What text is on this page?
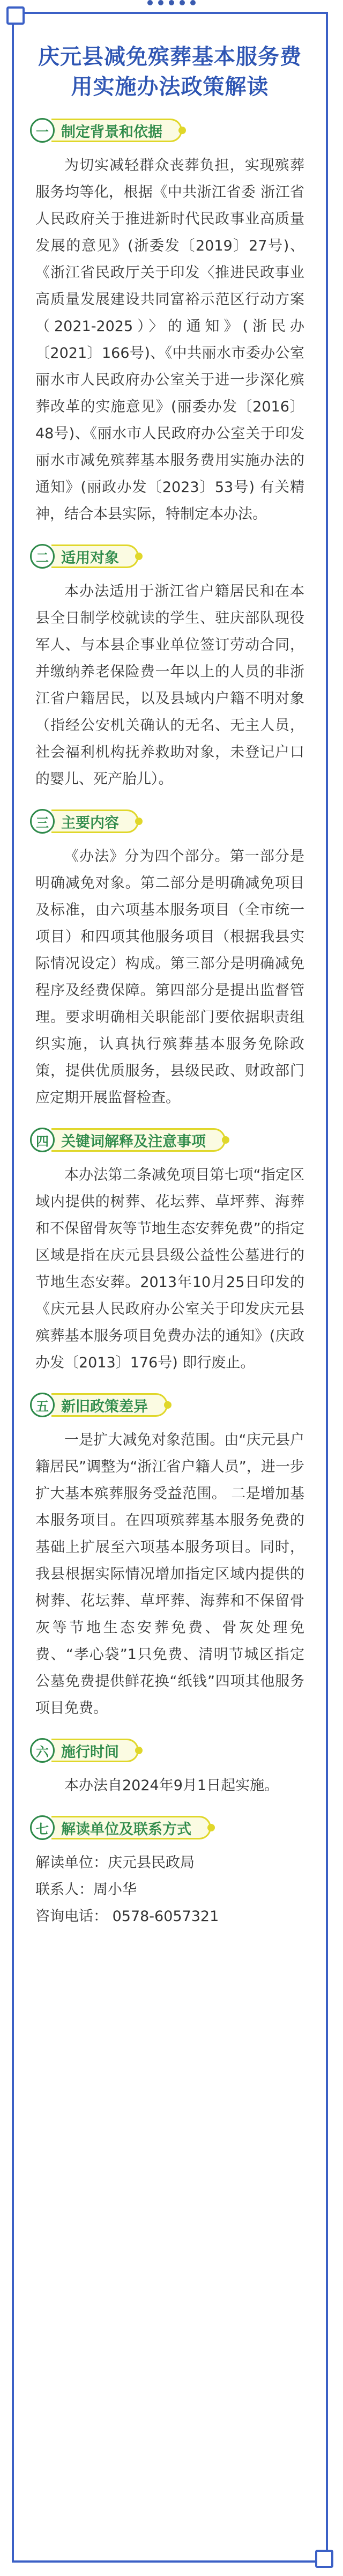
庆元县减免殡葬基本服务费用实施办法政策解读
一 制定背景和依据

为切实减轻群众丧葬负担，实现殡葬服务均等化，根据《中共浙江省委 浙江省人民政府关于推进新时代民政事业高质量发展的意见》(浙委发〔2019〕27号)、《浙江省民政厅关于印发〈推进民政事业高质量发展建设共同富裕示范区行动方案（2021-2025）〉的通知》(浙民办〔2021〕166号)、《中共丽水市委办公室 丽水市人民政府办公室关于进一步深化殡葬改革的实施意见》(丽委办发〔2016〕48号)、《丽水市人民政府办公室关于印发丽水市减免殡葬基本服务费用实施办法的通知》(丽政办发〔2023〕53号) 有关精神，结合本县实际，特制定本办法。

二 适用对象

本办法适用于浙江省户籍居民和在本县全日制学校就读的学生、驻庆部队现役军人、与本县企事业单位签订劳动合同，并缴纳养老保险费一年以上的人员的非浙江省户籍居民，以及县域内户籍不明对象（指经公安机关确认的无名、无主人员，社会福利机构抚养救助对象，未登记户口的婴儿、死产胎儿）。

三 主要内容

《办法》分为四个部分。第一部分是明确减免对象。第二部分是明确减免项目及标准，由六项基本服务项目（全市统一项目）和四项其他服务项目（根据我县实际情况设定）构成。第三部分是明确减免程序及经费保障。第四部分是提出监督管理。要求明确相关职能部门要依据职责组织实施，认真执行殡葬基本服务免除政策，提供优质服务，县级民政、财政部门应定期开展监督检查。

四 关键词解释及注意事项

本办法第二条减免项目第七项“指定区域内提供的树葬、花坛葬、草坪葬、海葬和不保留骨灰等节地生态安葬免费”的指定区域是指在庆元县县级公益性公墓进行的节地生态安葬。2013年10月25日印发的《庆元县人民政府办公室关于印发庆元县殡葬基本服务项目免费办法的通知》(庆政办发〔2013〕176号) 即行废止。

五 新旧政策差异

一是扩大减免对象范围。由“庆元县户籍居民”调整为“浙江省户籍人员”，进一步扩大基本殡葬服务受益范围。 二是增加基本服务项目。在四项殡葬基本服务免费的基础上扩展至六项基本服务项目。同时，我县根据实际情况增加指定区域内提供的树葬、花坛葬、草坪葬、海葬和不保留骨灰等节地生态安葬免费、骨灰处理免费、“孝心袋”1只免费、清明节城区指定公墓免费提供鲜花换“纸钱”四项其他服务项目免费。

六 施行时间

本办法自2024年9月1日起实施。

七 解读单位及联系方式
解读单位：庆元县民政局
联系人：周小华
咨询电话： 0578-6057321
